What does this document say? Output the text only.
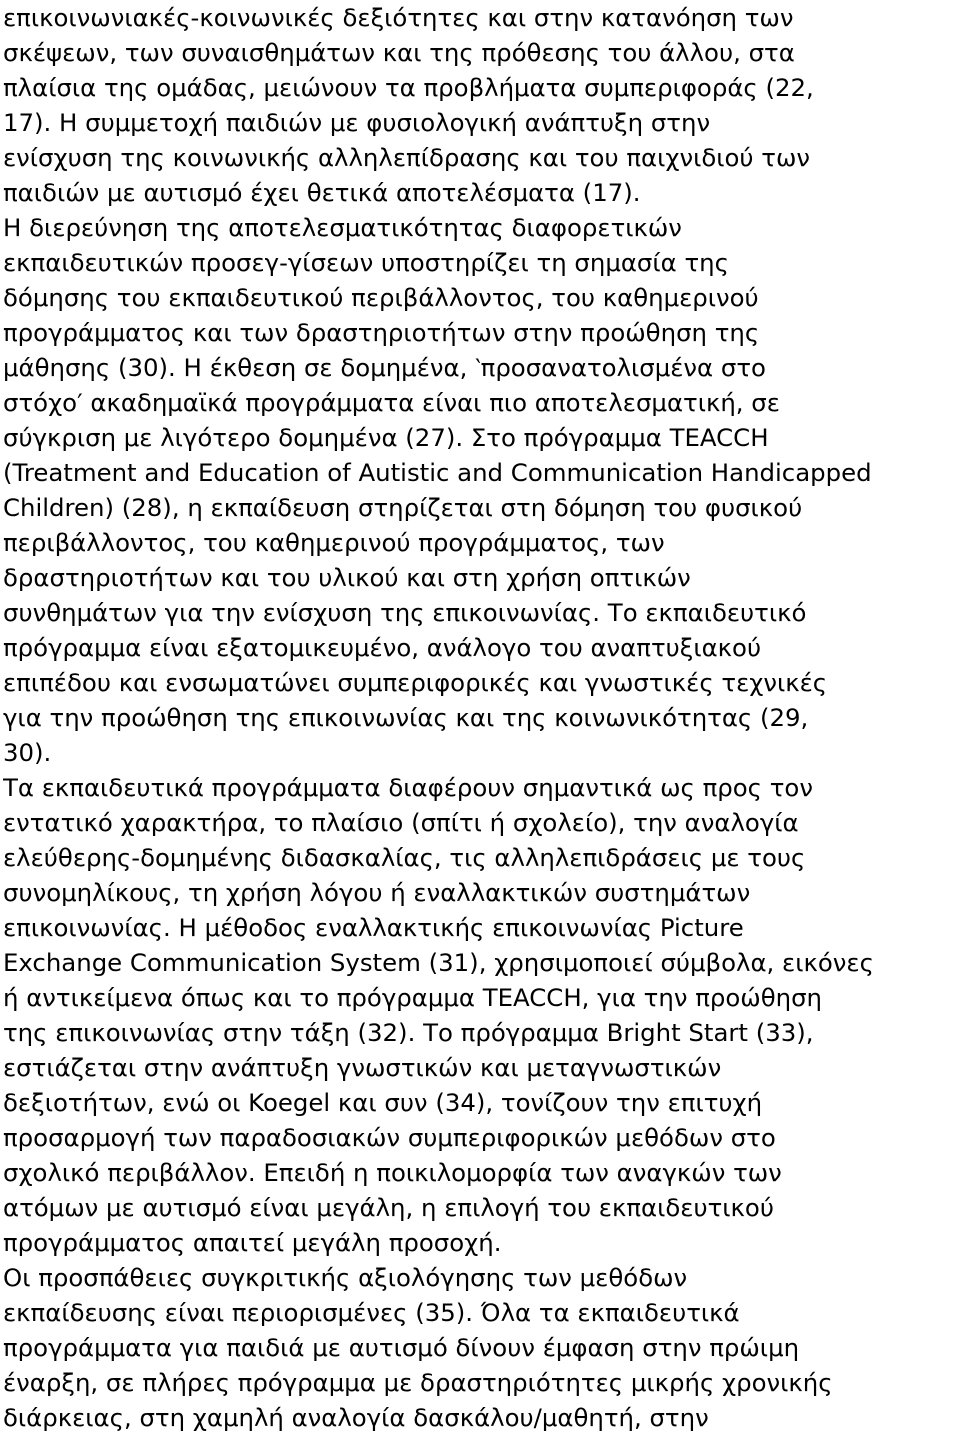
επικοινωνιακές-κοινωνικές δεξιότητες και στην κατανόηση των
σκέψεων, των συναισθημάτων και της πρόθεσης του άλλου, στα
πλαίσια της ομάδας, μειώνουν τα προβλήματα συμπεριφοράς (22,
17). Η συμμετοχή παιδιών με φυσιολογική ανάπτυξη στην
ενίσχυση της κοινωνικής αλληλεπίδρασης και του παιχνιδιού των
παιδιών με αυτισμό έχει θετικά αποτελέσματα (17).
Η διερεύνηση της αποτελεσματικότητας διαφορετικών
εκπαιδευτικών προσεγ-γίσεων υποστηρίζει τη σημασία της
δόμησης του εκπαιδευτικού περιβάλλοντος, του καθημερινού
προγράμματος και των δραστηριοτήτων στην προώθηση της
μάθησης (30). Η έκθεση σε δομημένα, ‵προσανατολισμένα στο
στόχο′ ακαδημαϊκά προγράμματα είναι πιο αποτελεσματική, σε
σύγκριση με λιγότερο δομημένα (27). Στο πρόγραμμα TEACCH
(Treatment and Education of Autistic and Communication Handicapped
Children) (28), η εκπαίδευση στηρίζεται στη δόμηση του φυσικού
περιβάλλοντος, του καθημερινού προγράμματος, των
δραστηριοτήτων και του υλικού και στη χρήση οπτικών
συνθημάτων για την ενίσχυση της επικοινωνίας. Το εκπαιδευτικό
πρόγραμμα είναι εξατομικευμένο, ανάλογο του αναπτυξιακού
επιπέδου και ενσωματώνει συμπεριφορικές και γνωστικές τεχνικές
για την προώθηση της επικοινωνίας και της κοινωνικότητας (29,
30).
Τα εκπαιδευτικά προγράμματα διαφέρουν σημαντικά ως προς τον
εντατικό χαρακτήρα, το πλαίσιο (σπίτι ή σχολείο), την αναλογία
ελεύθερης-δομημένης διδασκαλίας, τις αλληλεπιδράσεις με τους
συνομηλίκους, τη χρήση λόγου ή εναλλακτικών συστημάτων
επικοινωνίας. Η μέθοδος εναλλακτικής επικοινωνίας Picture
Exchange Communication System (31), χρησιμοποιεί σύμβολα, εικόνες
ή αντικείμενα όπως και το πρόγραμμα TEACCH, για την προώθηση
της επικοινωνίας στην τάξη (32). Το πρόγραμμα Bright Start (33),
εστιάζεται στην ανάπτυξη γνωστικών και μεταγνωστικών
δεξιοτήτων, ενώ οι Koegel και συν (34), τονίζουν την επιτυχή
προσαρμογή των παραδοσιακών συμπεριφορικών μεθόδων στο
σχολικό περιβάλλον. Επειδή η ποικιλομορφία των αναγκών των
ατόμων με αυτισμό είναι μεγάλη, η επιλογή του εκπαιδευτικού
προγράμματος απαιτεί μεγάλη προσοχή.
Οι προσπάθειες συγκριτικής αξιολόγησης των μεθόδων
εκπαίδευσης είναι περιορισμένες (35). Όλα τα εκπαιδευτικά
προγράμματα για παιδιά με αυτισμό δίνουν έμφαση στην πρώιμη
έναρξη, σε πλήρες πρόγραμμα με δραστηριότητες μικρής χρονικής
διάρκειας, στη χαμηλή αναλογία δασκάλου/μαθητή, στην
